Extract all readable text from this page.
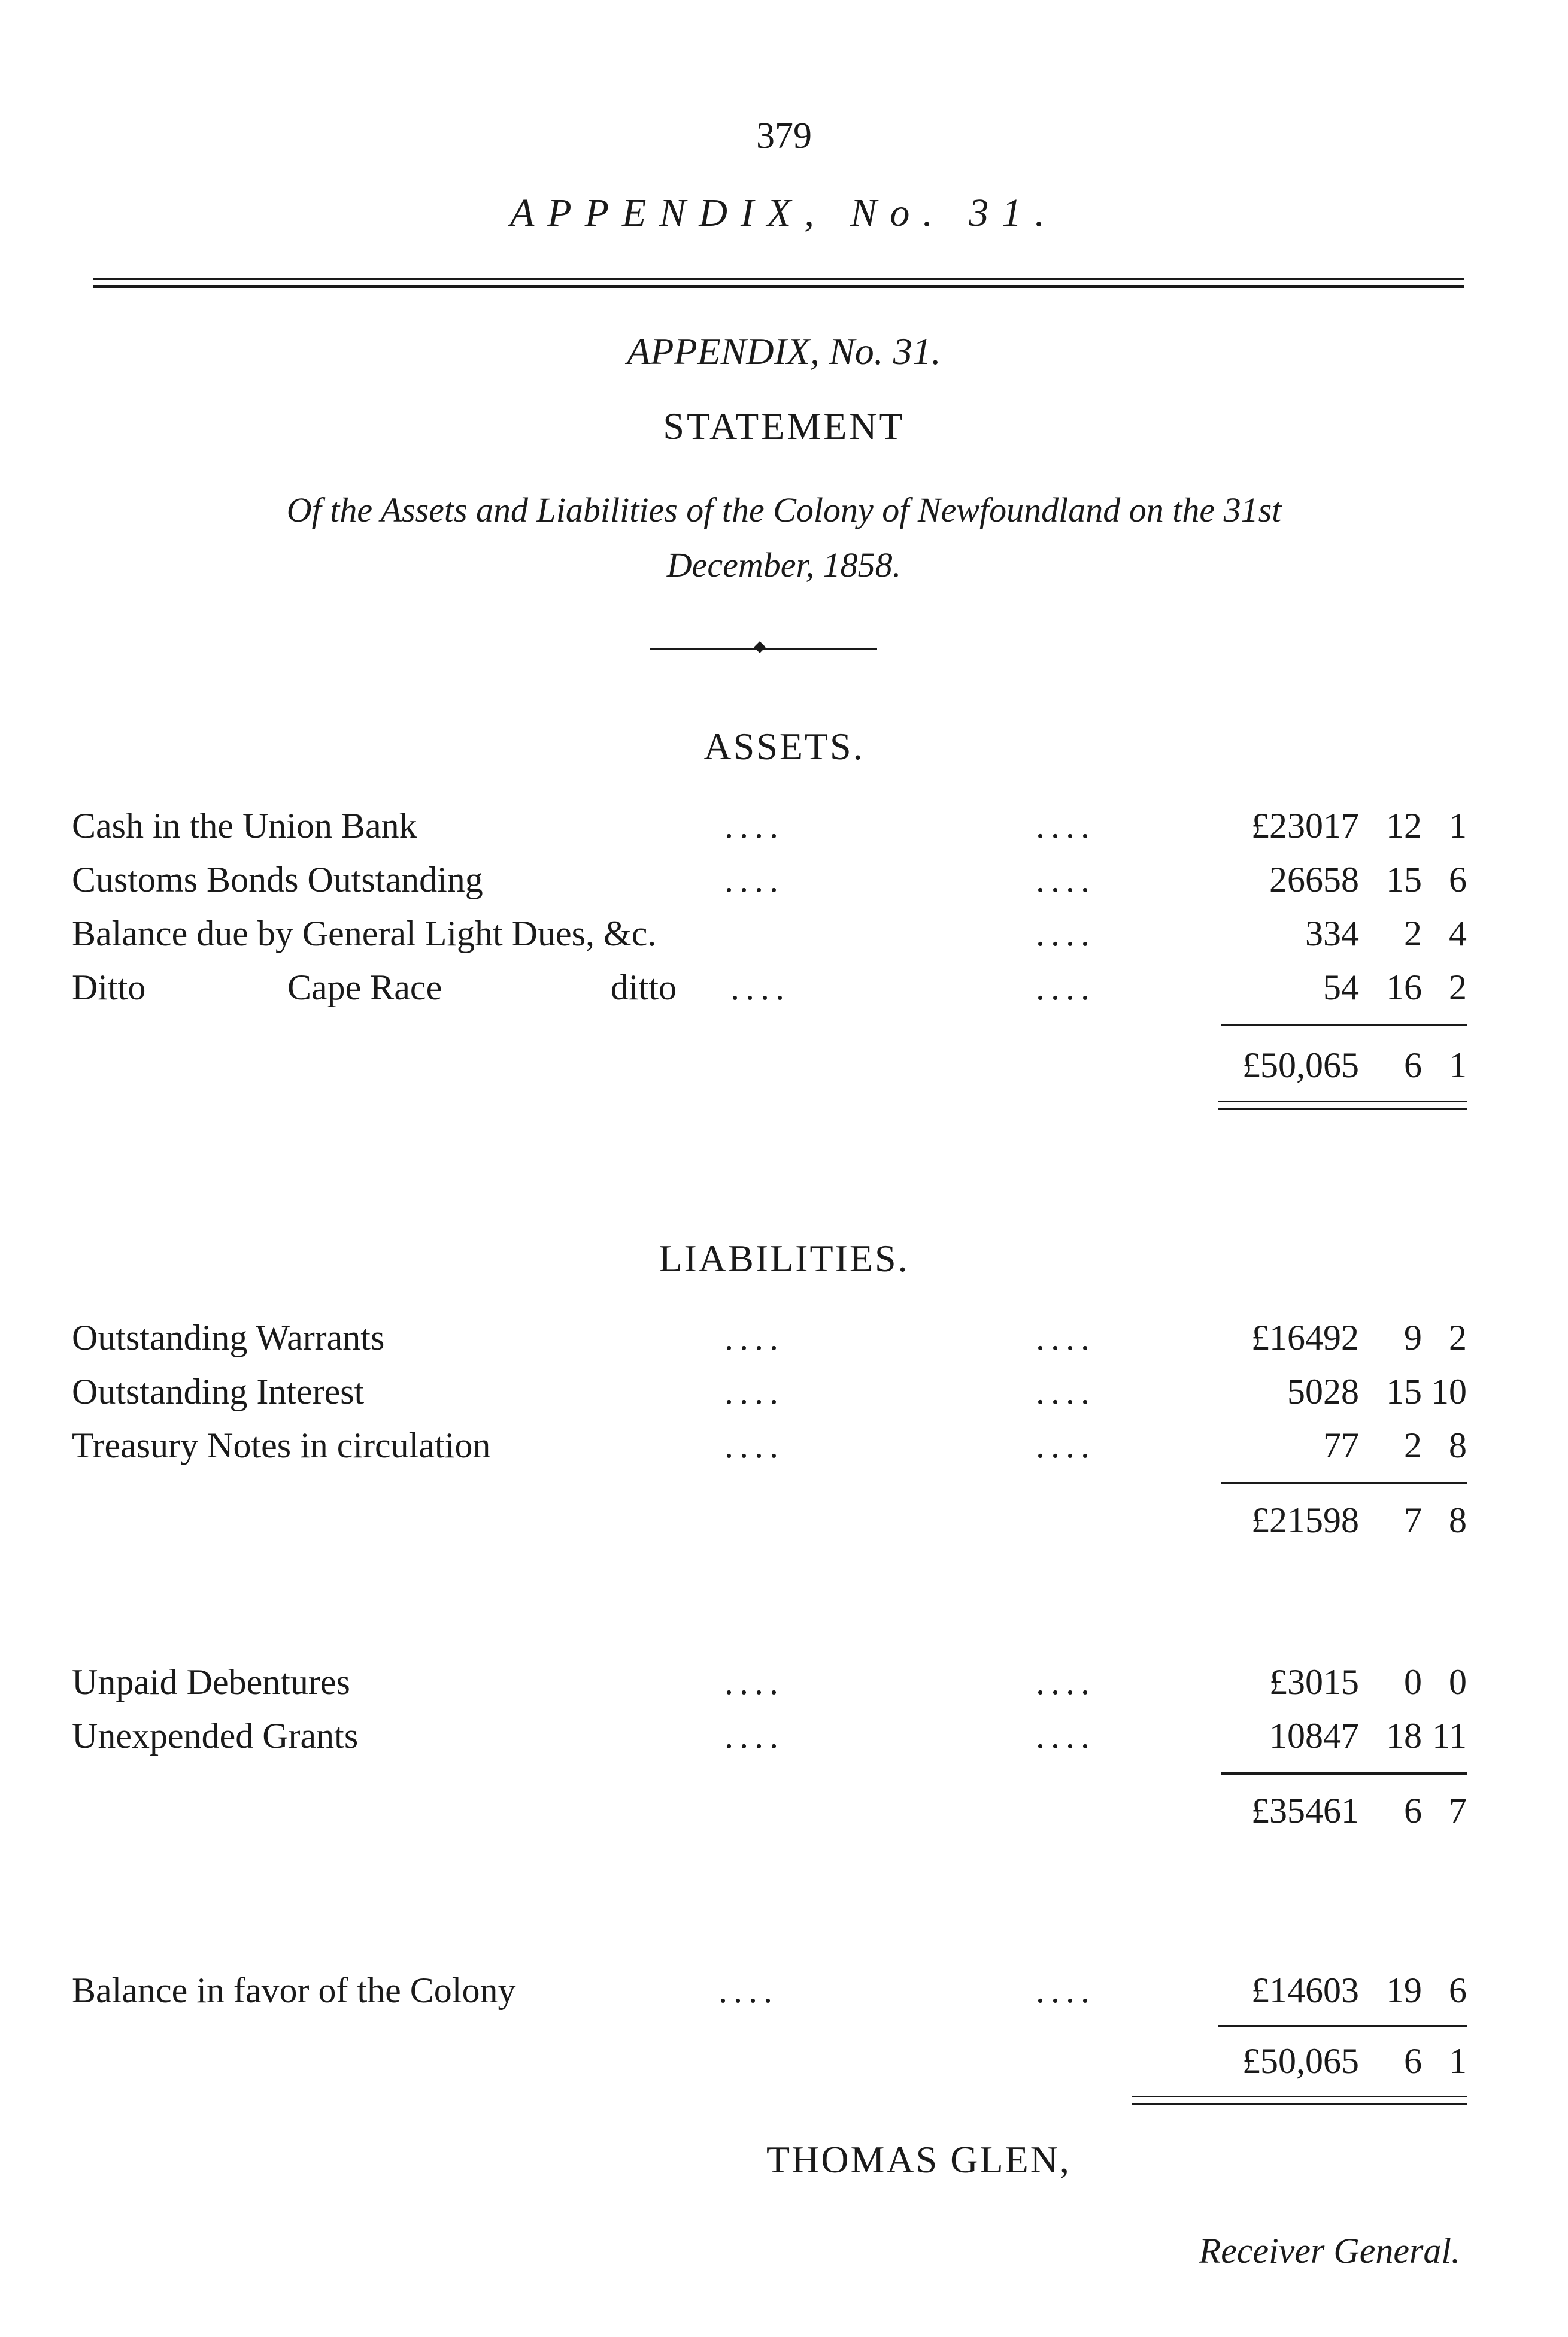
379
APPENDIX, No. 31.
APPENDIX, No. 31.
STATEMENT
Of the Assets and Liabilities of the Colony of Newfoundland on the 31st
December, 1858.
ASSETS.
Cash in the Union Bank	....	....	£23017 12 1
Customs Bonds Outstanding	....	....	26658 15 6
Balance due by General Light Dues, &c.	....	334	2 4
Ditto	Cape Race	ditto ....	....	54 16 2
£50,065	6 1
LIABILITIES.
Outstanding Warrants	....	....	£16492	9 2
Outstanding Interest	....	....	5028 15 10
Treasury Notes in circulation	....	....	77	2 8
£21598	7 8
Unpaid Debentures	....	....	£3015	0 0
Unexpended Grants	....	....	10847 18 11
£35461	6 7
Balance in favor of the Colony	....	....	£14603 19 6
£50,065	6 1
THOMAS GLEN,
Receiver General.
